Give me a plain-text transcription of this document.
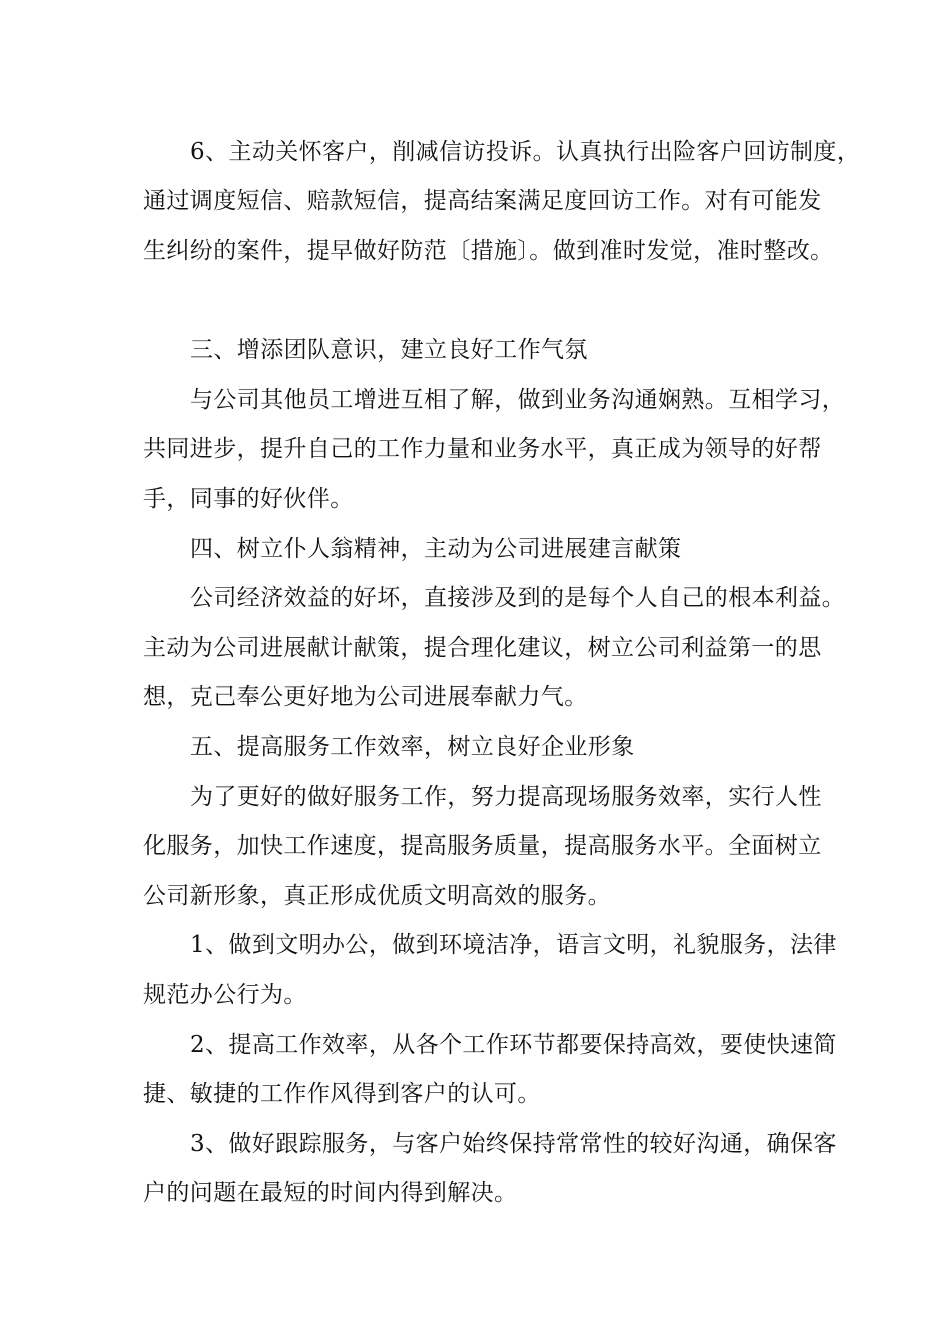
6、主动关怀客户，削减信访投诉。认真执行出险客户回访制度，
通过调度短信、赔款短信，提高结案满足度回访工作。对有可能发
生纠纷的案件，提早做好防范〔措施〕。做到准时发觉，准时整改。
三、增添团队意识，建立良好工作气氛
与公司其他员工增进互相了解，做到业务沟通娴熟。互相学习，
共同进步，提升自己的工作力量和业务水平，真正成为领导的好帮
手，同事的好伙伴。
四、树立仆人翁精神，主动为公司进展建言献策
公司经济效益的好坏，直接涉及到的是每个人自己的根本利益。
主动为公司进展献计献策，提合理化建议，树立公司利益第一的思
想，克己奉公更好地为公司进展奉献力气。
五、提高服务工作效率，树立良好企业形象
为了更好的做好服务工作，努力提高现场服务效率，实行人性
化服务，加快工作速度，提高服务质量，提高服务水平。全面树立
公司新形象，真正形成优质文明高效的服务。
1、做到文明办公，做到环境洁净，语言文明，礼貌服务，法律
规范办公行为。
2、提高工作效率，从各个工作环节都要保持高效，要使快速简
捷、敏捷的工作作风得到客户的认可。
3、做好跟踪服务，与客户始终保持常常性的较好沟通，确保客
户的问题在最短的时间内得到解决。
